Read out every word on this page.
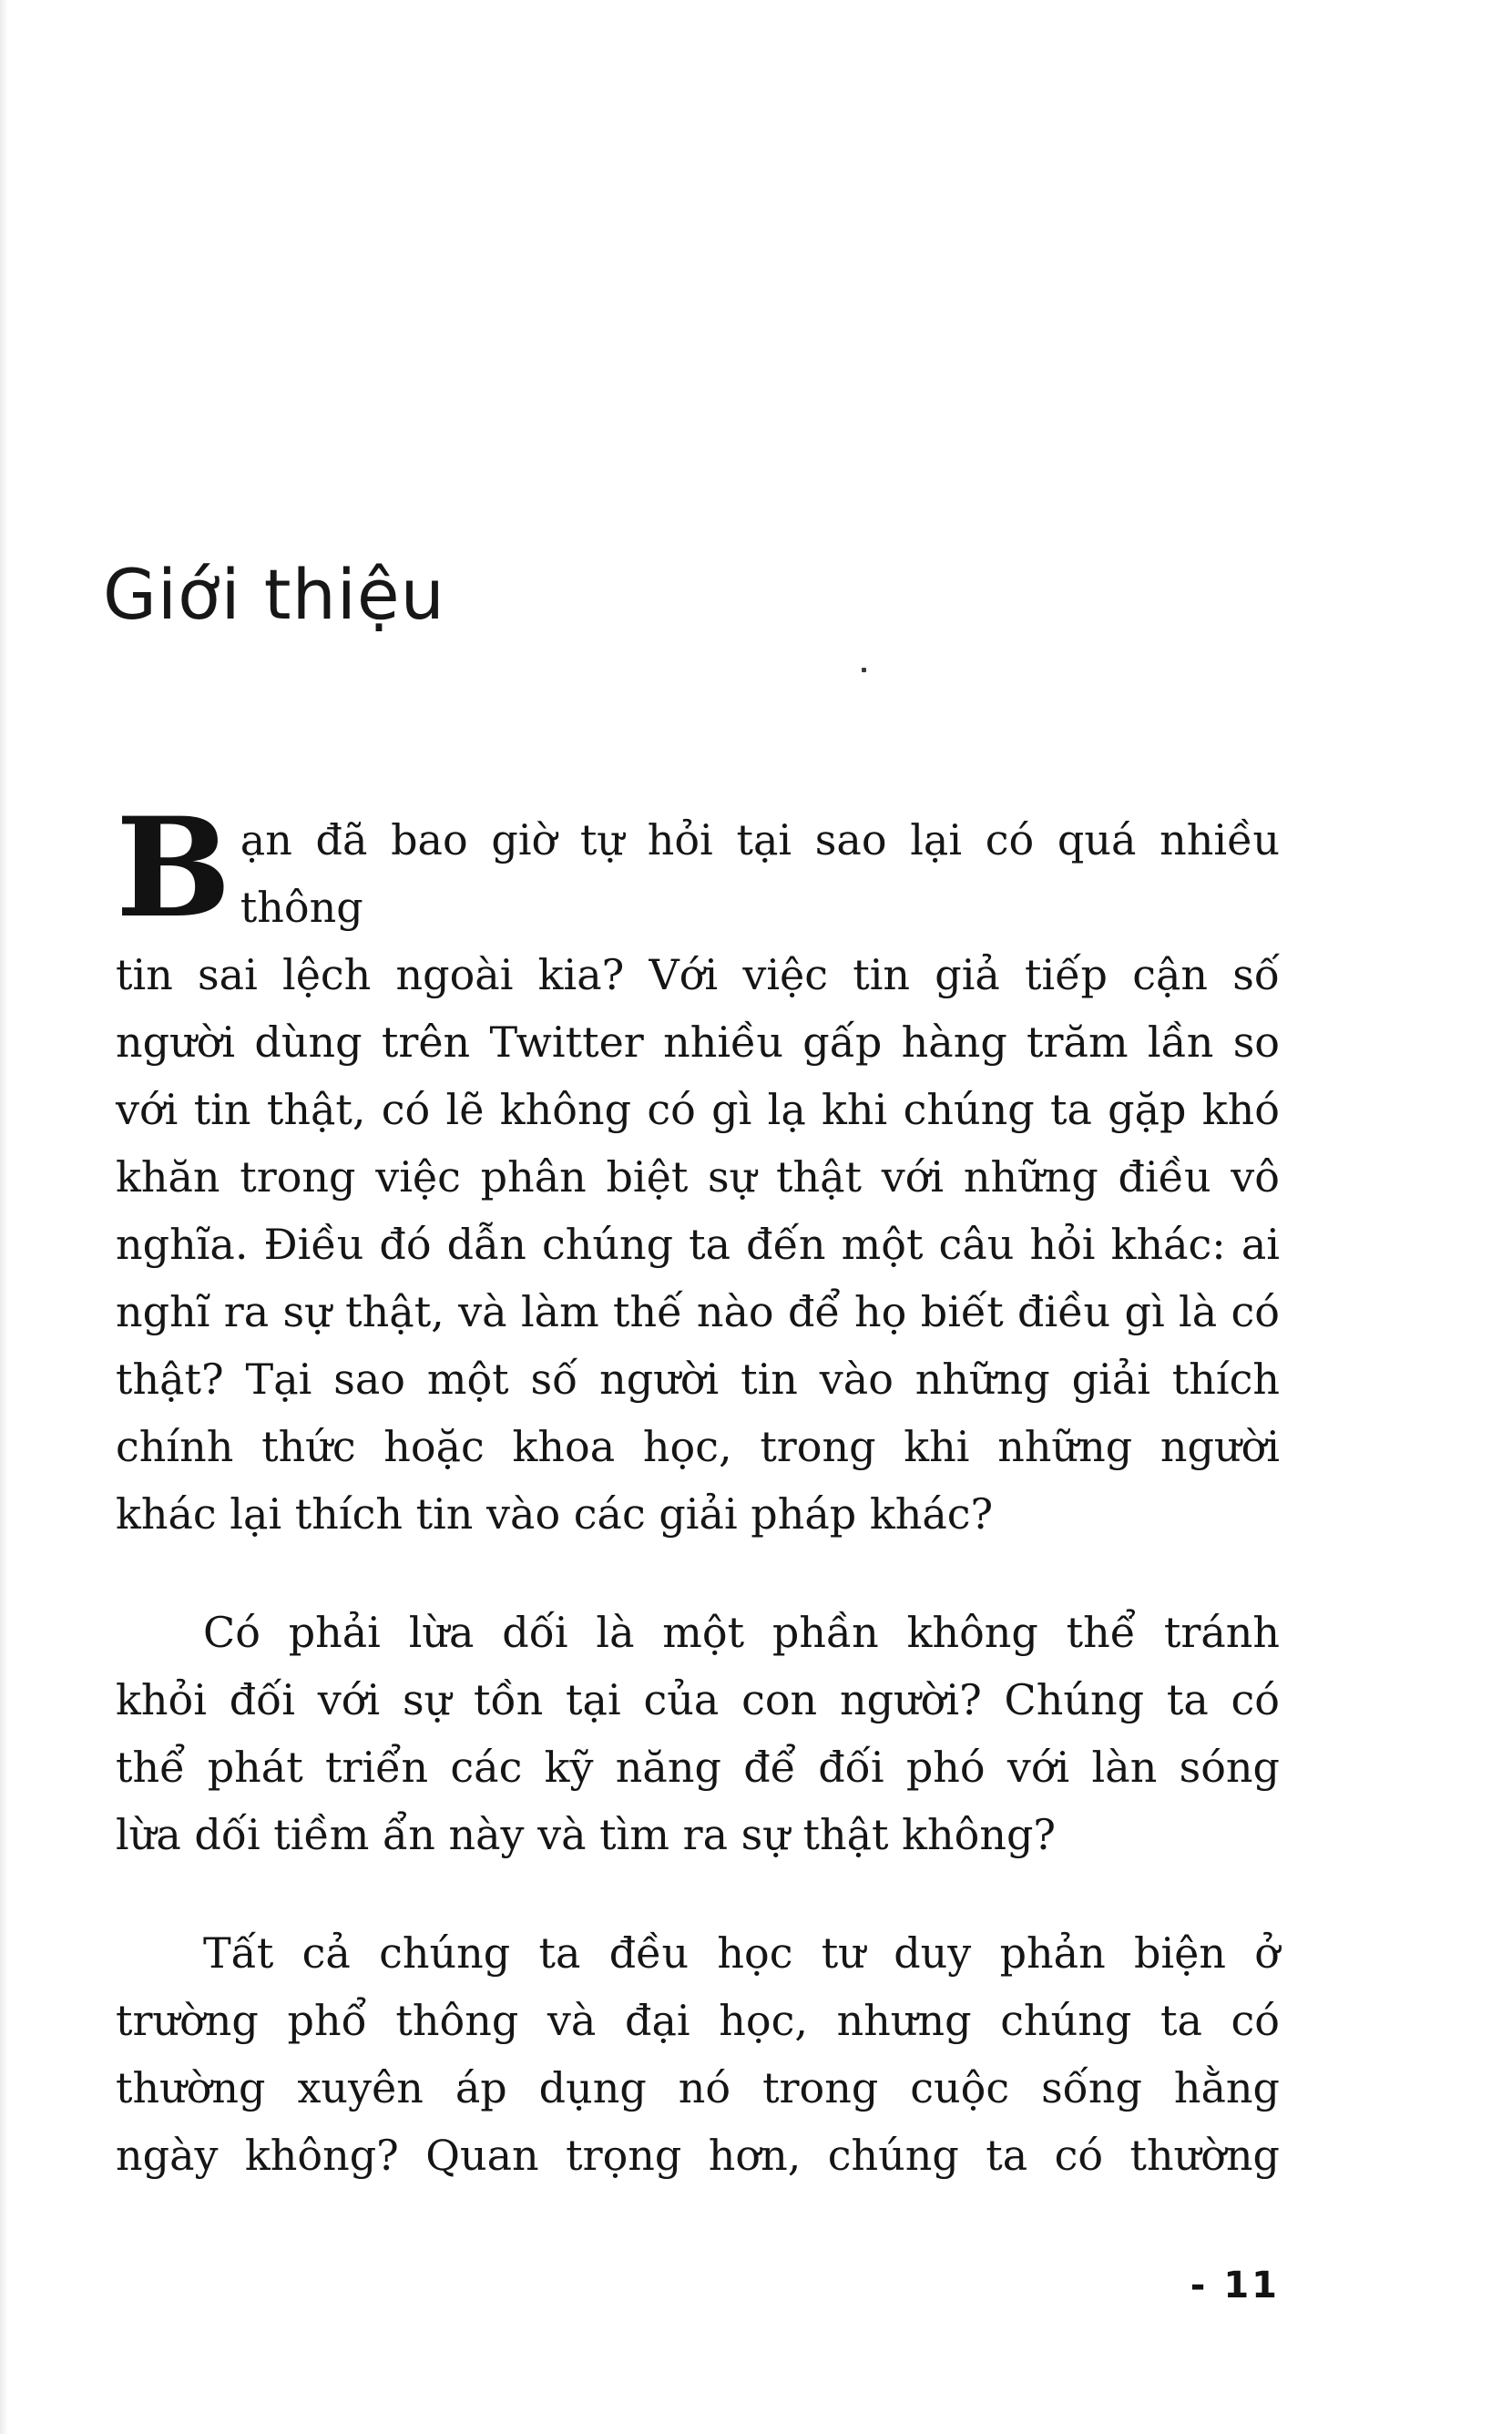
Giới thiệu
B ạn đã bao giờ tự hỏi tại sao lại có quá nhiều thông
tin sai lệch ngoài kia? Với việc tin giả tiếp cận số
người dùng trên Twitter nhiều gấp hàng trăm lần so
với tin thật, có lẽ không có gì lạ khi chúng ta gặp khó
khăn trong việc phân biệt sự thật với những điều vô
nghĩa. Điều đó dẫn chúng ta đến một câu hỏi khác: ai
nghĩ ra sự thật, và làm thế nào để họ biết điều gì là có
thật? Tại sao một số người tin vào những giải thích
chính thức hoặc khoa học, trong khi những người
khác lại thích tin vào các giải pháp khác?
Có phải lừa dối là một phần không thể tránh
khỏi đối với sự tồn tại của con người? Chúng ta có
thể phát triển các kỹ năng để đối phó với làn sóng
lừa dối tiềm ẩn này và tìm ra sự thật không?
Tất cả chúng ta đều học tư duy phản biện ở
trường phổ thông và đại học, nhưng chúng ta có
thường xuyên áp dụng nó trong cuộc sống hằng
ngày không? Quan trọng hơn, chúng ta có thường
- 11
